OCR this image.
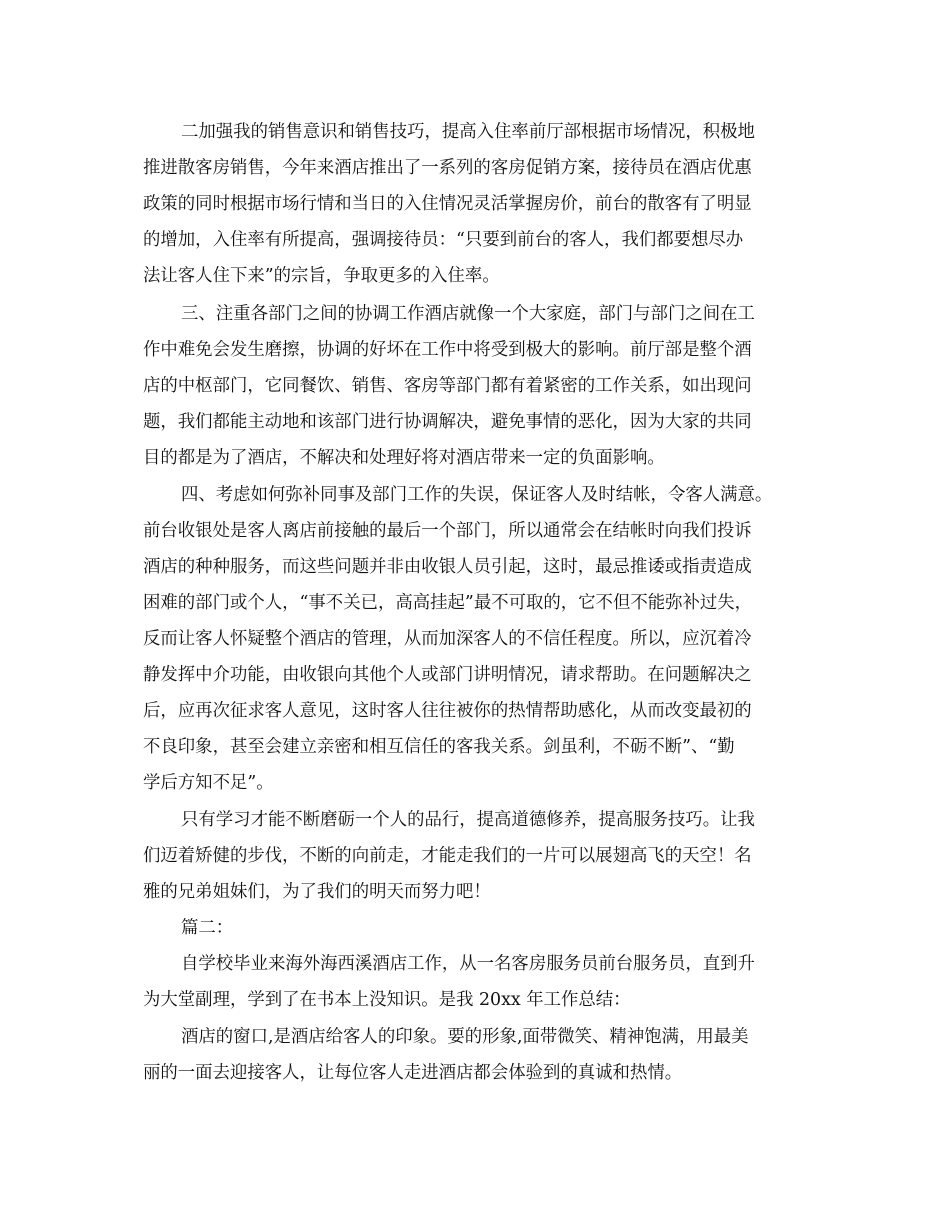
二加强我的销售意识和销售技巧，提高入住率前厅部根据市场情况，积极地
推进散客房销售，今年来酒店推出了一系列的客房促销方案，接待员在酒店优惠
政策的同时根据市场行情和当日的入住情况灵活掌握房价，前台的散客有了明显
的增加，入住率有所提高，强调接待员：“只要到前台的客人，我们都要想尽办
法让客人住下来”的宗旨，争取更多的入住率。
三、注重各部门之间的协调工作酒店就像一个大家庭，部门与部门之间在工
作中难免会发生磨擦，协调的好坏在工作中将受到极大的影响。前厅部是整个酒
店的中枢部门，它同餐饮、销售、客房等部门都有着紧密的工作关系，如出现问
题，我们都能主动地和该部门进行协调解决，避免事情的恶化，因为大家的共同
目的都是为了酒店，不解决和处理好将对酒店带来一定的负面影响。
四、考虑如何弥补同事及部门工作的失误，保证客人及时结帐，令客人满意。
前台收银处是客人离店前接触的最后一个部门，所以通常会在结帐时向我们投诉
酒店的种种服务，而这些问题并非由收银人员引起，这时，最忌推诿或指责造成
困难的部门或个人，“事不关已，高高挂起”最不可取的，它不但不能弥补过失，
反而让客人怀疑整个酒店的管理，从而加深客人的不信任程度。所以，应沉着冷
静发挥中介功能，由收银向其他个人或部门讲明情况，请求帮助。在问题解决之
后，应再次征求客人意见，这时客人往往被你的热情帮助感化，从而改变最初的
不良印象，甚至会建立亲密和相互信任的客我关系。剑虽利，不砺不断”、“勤
学后方知不足”。
只有学习才能不断磨砺一个人的品行，提高道德修养，提高服务技巧。让我
们迈着矫健的步伐，不断的向前走，才能走我们的一片可以展翅高飞的天空！名
雅的兄弟姐妹们，为了我们的明天而努力吧！
篇二：
自学校毕业来海外海西溪酒店工作，从一名客房服务员前台服务员，直到升
为大堂副理，学到了在书本上没知识。是我 20xx 年工作总结：
酒店的窗口,是酒店给客人的印象。要的形象,面带微笑、精神饱满，用最美
丽的一面去迎接客人，让每位客人走进酒店都会体验到的真诚和热情。
